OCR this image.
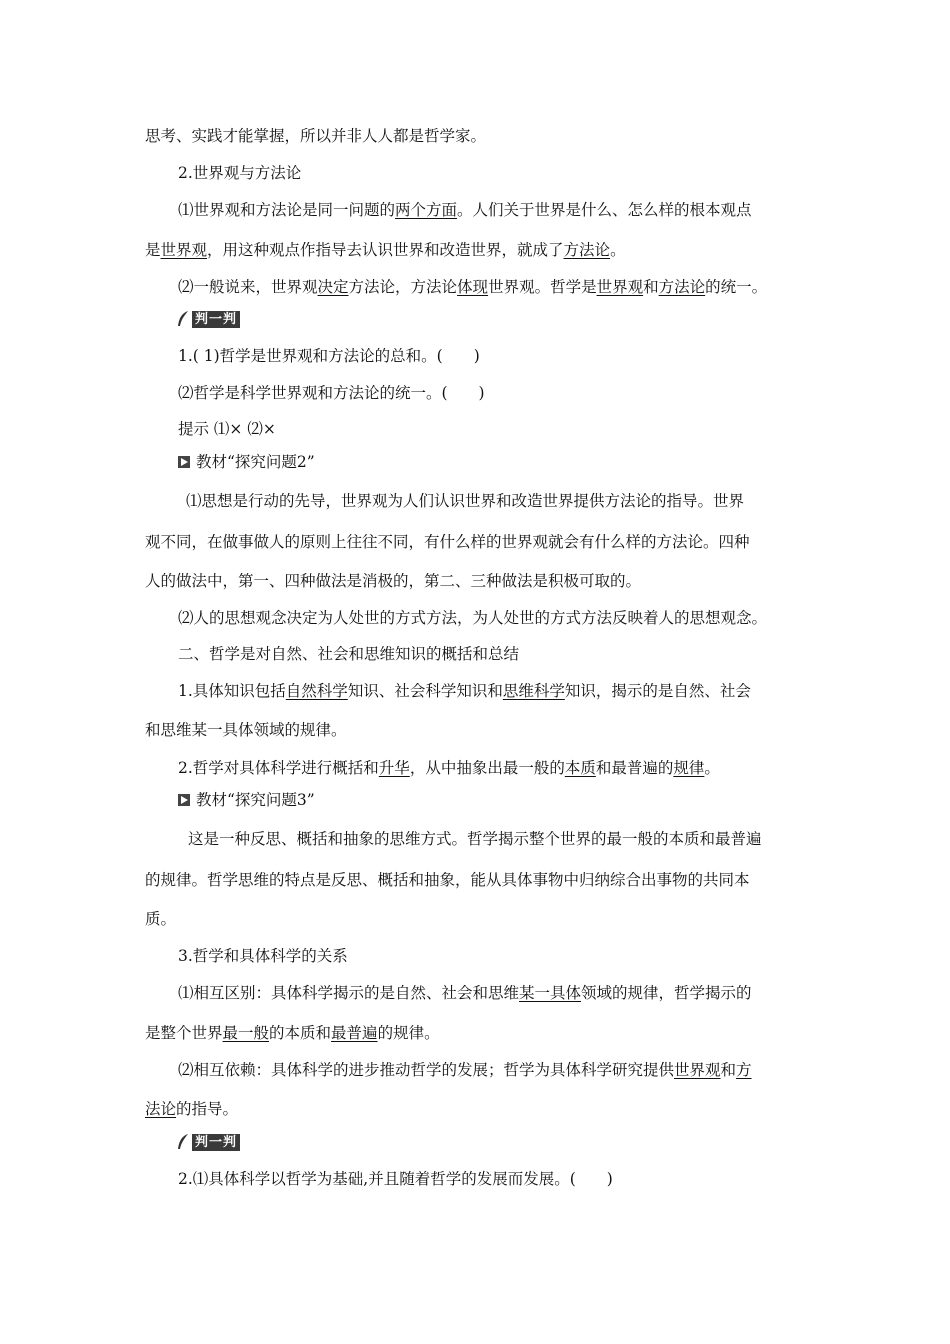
思考、实践才能掌握，所以并非人人都是哲学家。
2.世界观与方法论
⑴世界观和方法论是同一问题的两个方面。人们关于世界是什么、怎么样的根本观点
是世界观，用这种观点作指导去认识世界和改造世界，就成了方法论。
⑵一般说来，世界观决定方法论，方法论体现世界观。哲学是世界观和方法论的统一。
判一判
1.( 1)哲学是世界观和方法论的总和。(　　)
⑵哲学是科学世界观和方法论的统一。(　　)
提示 ⑴× ⑵×
教材“探究问题2”
⑴思想是行动的先导，世界观为人们认识世界和改造世界提供方法论的指导。世界
观不同，在做事做人的原则上往往不同，有什么样的世界观就会有什么样的方法论。四种
人的做法中，第一、四种做法是消极的，第二、三种做法是积极可取的。
⑵人的思想观念决定为人处世的方式方法，为人处世的方式方法反映着人的思想观念。
二、哲学是对自然、社会和思维知识的概括和总结
1.具体知识包括自然科学知识、社会科学知识和思维科学知识，揭示的是自然、社会
和思维某一具体领域的规律。
2.哲学对具体科学进行概括和升华，从中抽象出最一般的本质和最普遍的规律。
教材“探究问题3”
这是一种反思、概括和抽象的思维方式。哲学揭示整个世界的最一般的本质和最普遍
的规律。哲学思维的特点是反思、概括和抽象，能从具体事物中归纳综合出事物的共同本
质。
3.哲学和具体科学的关系
⑴相互区别：具体科学揭示的是自然、社会和思维某一具体领域的规律，哲学揭示的
是整个世界最一般的本质和最普遍的规律。
⑵相互依赖：具体科学的进步推动哲学的发展；哲学为具体科学研究提供世界观和方
法论的指导。
判一判
2.⑴具体科学以哲学为基础,并且随着哲学的发展而发展。(　　)
